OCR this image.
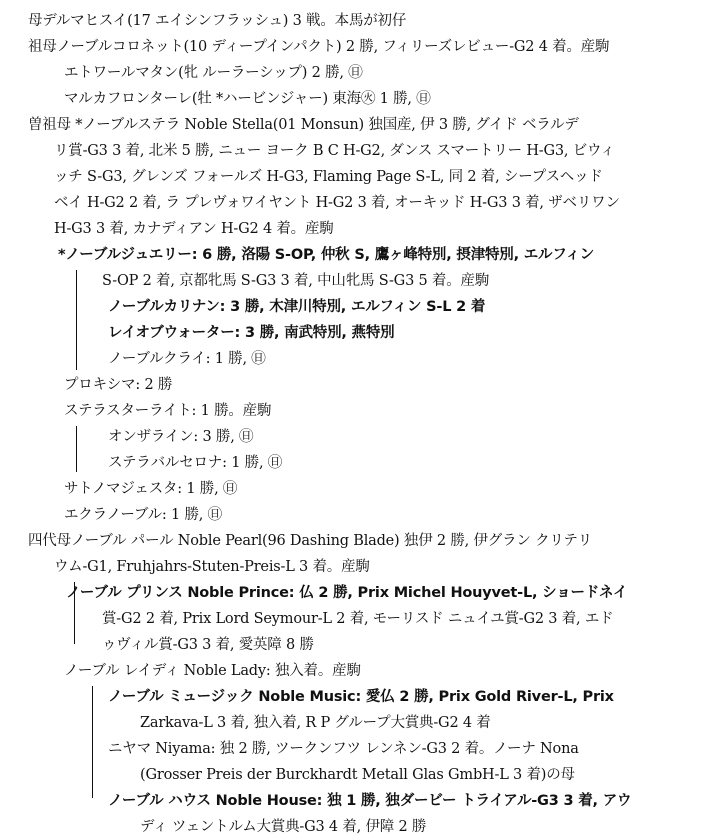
母デルマヒスイ(17 エイシンフラッシュ) 3 戦。本馬が初仔
祖母ノーブルコロネット(10 ディープインパクト) 2 勝, フィリーズレビュー-G2 4 着。産駒
エトワールマタン(牝 ルーラーシップ) 2 勝, ㊐
マルカフロンターレ(牡 *ハービンジャー) 東海㊋ 1 勝, ㊐
曽祖母 *ノーブルステラ Noble Stella(01 Monsun) 独国産, 伊 3 勝, グイド ベラルデ
リ賞-G3 3 着, 北米 5 勝, ニュー ヨーク B C H-G2, ダンス スマートリー H-G3, ビウィ
ッチ S-G3, グレンズ フォールズ H-G3, Flaming Page S-L, 同 2 着, シープスヘッド
ベイ H-G2 2 着, ラ プレヴォワイヤント H-G2 3 着, オーキッド H-G3 3 着, ザベリワン
H-G3 3 着, カナディアン H-G2 4 着。産駒
*ノーブルジュエリー: 6 勝, 洛陽 S-OP, 仲秋 S, 鷹ヶ峰特別, 摂津特別, エルフィン
S-OP 2 着, 京都牝馬 S-G3 3 着, 中山牝馬 S-G3 5 着。産駒
ノーブルカリナン: 3 勝, 木津川特別, エルフィン S-L 2 着
レイオブウォーター: 3 勝, 南武特別, 燕特別
ノーブルクライ: 1 勝, ㊐
プロキシマ: 2 勝
ステラスターライト: 1 勝。産駒
オンザライン: 3 勝, ㊐
ステラバルセロナ: 1 勝, ㊐
サトノマジェスタ: 1 勝, ㊐
エクラノーブル: 1 勝, ㊐
四代母ノーブル パール Noble Pearl(96 Dashing Blade) 独伊 2 勝, 伊グラン クリテリ
ウム-G1, Fruhjahrs-Stuten-Preis-L 3 着。産駒
ノーブル プリンス Noble Prince: 仏 2 勝, Prix Michel Houyvet-L, ショードネイ
賞-G2 2 着, Prix Lord Seymour-L 2 着, モーリスド ニュイユ賞-G2 3 着, エド
ゥヴィル賞-G3 3 着, 愛英障 8 勝
ノーブル レイディ Noble Lady: 独入着。産駒
ノーブル ミュージック Noble Music: 愛仏 2 勝, Prix Gold River-L, Prix
Zarkava-L 3 着, 独入着, R P グループ大賞典-G2 4 着
ニヤマ Niyama: 独 2 勝, ツークンフツ レンネン-G3 2 着。ノーナ Nona
(Grosser Preis der Burckhardt Metall Glas GmbH-L 3 着)の母
ノーブル ハウス Noble House: 独 1 勝, 独ダービー トライアル-G3 3 着, アウ
ディ ツェントルム大賞典-G3 4 着, 伊障 2 勝
